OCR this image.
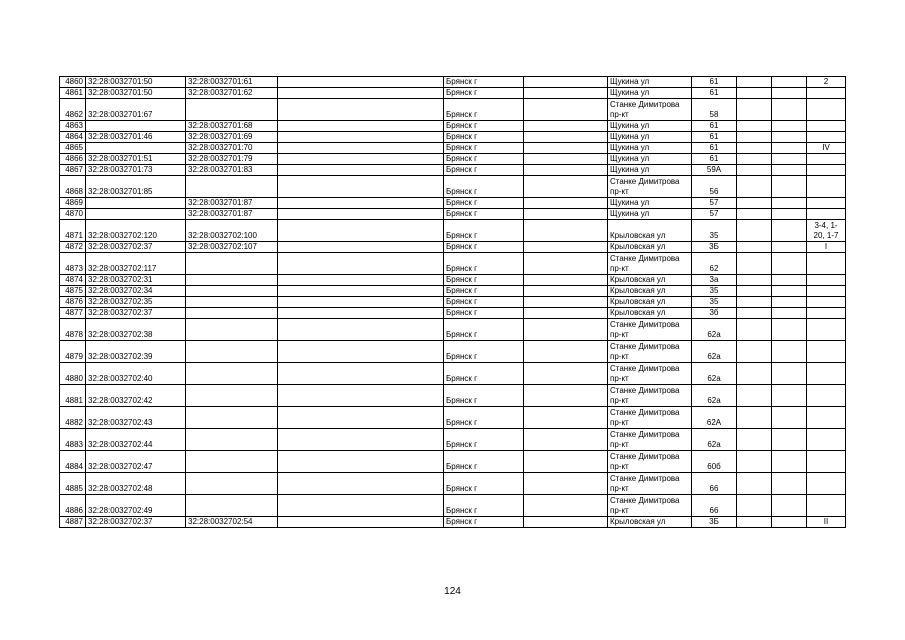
4860	32:28:0032701:50	32:28:0032701:61		Брянск г		Щукина ул	61			2
4861	32:28:0032701:50	32:28:0032701:62		Брянск г		Щукина ул	61			
4862	32:28:0032701:67			Брянск г		Станке Димитрова пр-кт	58			
4863		32:28:0032701:68		Брянск г		Щукина ул	61			
4864	32:28:0032701:46	32:28:0032701:69		Брянск г		Щукина ул	61			
4865		32:28:0032701:70		Брянск г		Щукина ул	61			IV
4866	32:28:0032701:51	32:28:0032701:79		Брянск г		Щукина ул	61			
4867	32:28:0032701:73	32:28:0032701:83		Брянск г		Щукина ул	59А			
4868	32:28:0032701:85			Брянск г		Станке Димитрова пр-кт	56			
4869		32:28:0032701:87		Брянск г		Щукина ул	57			
4870		32:28:0032701:87		Брянск г		Щукина ул	57			
4871	32:28:0032702:120	32:28:0032702:100		Брянск г		Крыловская ул	35			3-4, 1-20, 1-7
4872	32:28:0032702:37	32:28:0032702:107		Брянск г		Крыловская ул	3Б			I
4873	32:28:0032702:117			Брянск г		Станке Димитрова пр-кт	62			
4874	32:28:0032702:31			Брянск г		Крыловская ул	3а			
4875	32:28:0032702:34			Брянск г		Крыловская ул	35			
4876	32:28:0032702:35			Брянск г		Крыловская ул	35			
4877	32:28:0032702:37			Брянск г		Крыловская ул	3б			
4878	32:28:0032702:38			Брянск г		Станке Димитрова пр-кт	62а			
4879	32:28:0032702:39			Брянск г		Станке Димитрова пр-кт	62а			
4880	32:28:0032702:40			Брянск г		Станке Димитрова пр-кт	62а			
4881	32:28:0032702:42			Брянск г		Станке Димитрова пр-кт	62а			
4882	32:28:0032702:43			Брянск г		Станке Димитрова пр-кт	62А			
4883	32:28:0032702:44			Брянск г		Станке Димитрова пр-кт	62а			
4884	32:28:0032702:47			Брянск г		Станке Димитрова пр-кт	60б			
4885	32:28:0032702:48			Брянск г		Станке Димитрова пр-кт	66			
4886	32:28:0032702:49			Брянск г		Станке Димитрова пр-кт	66			
4887	32:28:0032702:37	32:28:0032702:54		Брянск г		Крыловская ул	3Б			II
124
